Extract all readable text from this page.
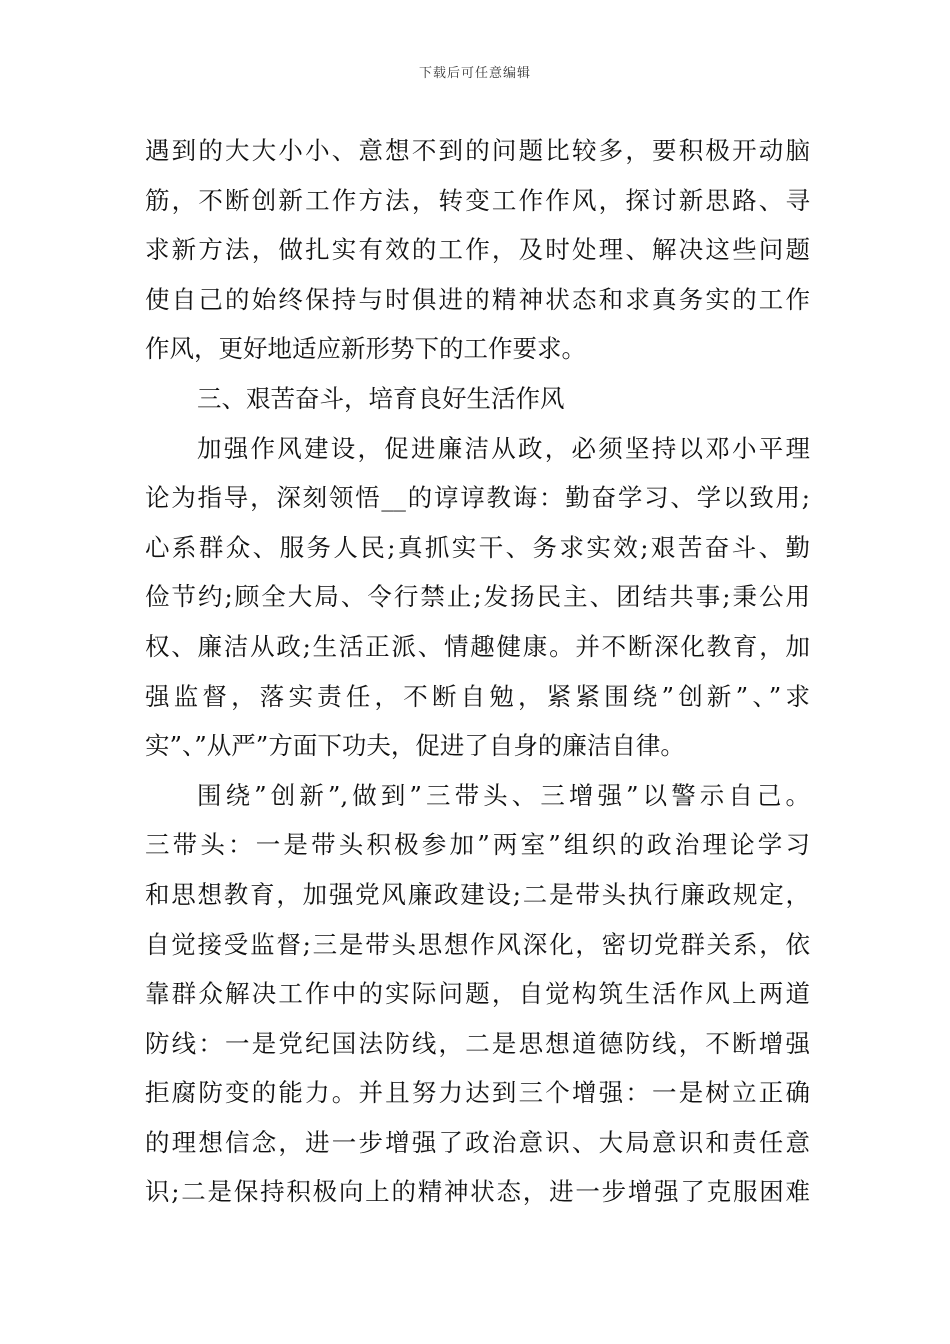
下载后可任意编辑
遇到的大大小小、意想不到的问题比较多，要积极开动脑
筋，不断创新工作方法，转变工作作风，探讨新思路、寻
求新方法，做扎实有效的工作，及时处理、解决这些问题
使自己的始终保持与时俱进的精神状态和求真务实的工作
作风，更好地适应新形势下的工作要求。
三、艰苦奋斗，培育良好生活作风
加强作风建设，促进廉洁从政，必须坚持以邓小平理
论为指导，深刻领悟__的谆谆教诲：勤奋学习、学以致用;
心系群众、服务人民;真抓实干、务求实效;艰苦奋斗、勤
俭节约;顾全大局、令行禁止;发扬民主、团结共事;秉公用
权、廉洁从政;生活正派、情趣健康。并不断深化教育，加
强监督，落实责任，不断自勉，紧紧围绕”创新”、”求
实”、”从严”方面下功夫，促进了自身的廉洁自律。
围绕”创新”,做到”三带头、三增强”以警示自己。
三带头：一是带头积极参加”两室”组织的政治理论学习
和思想教育，加强党风廉政建设;二是带头执行廉政规定，
自觉接受监督;三是带头思想作风深化，密切党群关系，依
靠群众解决工作中的实际问题，自觉构筑生活作风上两道
防线：一是党纪国法防线，二是思想道德防线，不断增强
拒腐防变的能力。并且努力达到三个增强：一是树立正确
的理想信念，进一步增强了政治意识、大局意识和责任意
识;二是保持积极向上的精神状态，进一步增强了克服困难
